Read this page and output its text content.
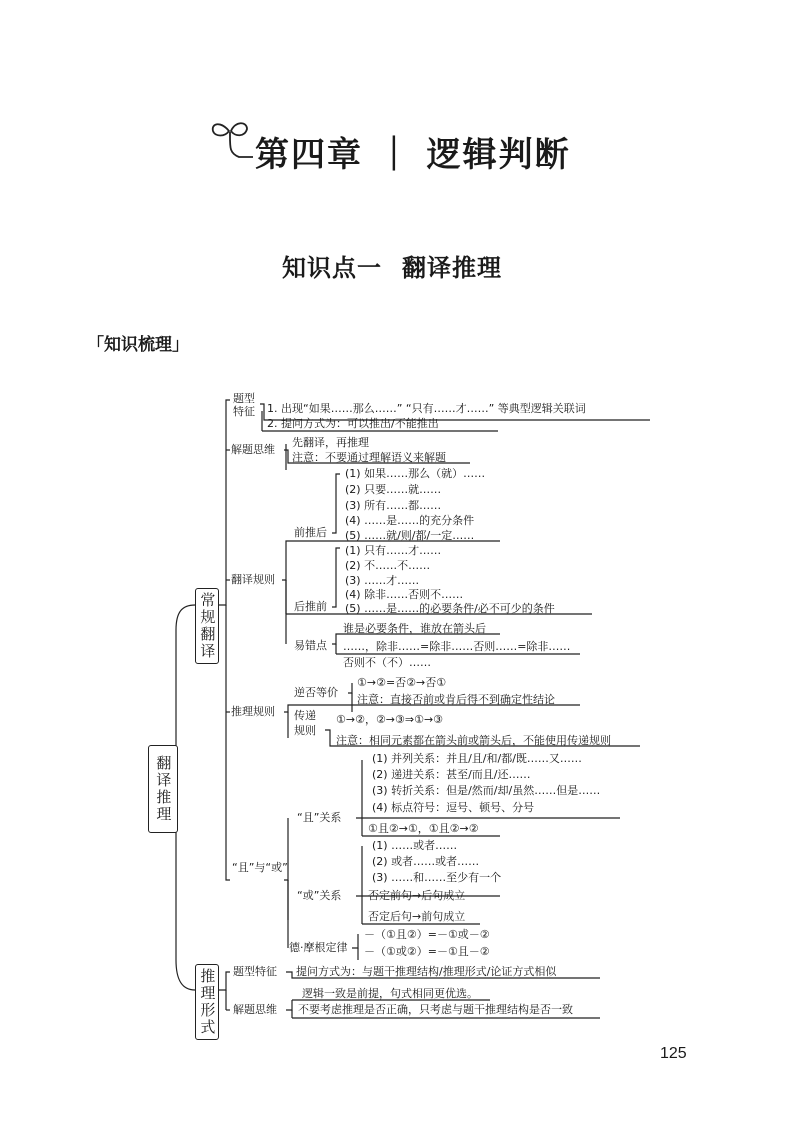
第四章 ｜ 逻辑判断
知识点一 翻译推理
「知识梳理」
翻译推理
常规翻译
推理形式
题型特征 1. 出现“如果……那么……” “只有……才……” 等典型逻辑关联词
2. 提问方式为：可以推出/不能推出
解题思维
先翻译，再推理
注意：不要通过理解语义来解题
翻译规则
前推后
(1) 如果……那么（就）……
(2) 只要……就……
(3) 所有……都……
(4) ……是……的充分条件
(5) ……就/则/都/一定……
后推前
(1) 只有……才……
(2) 不……不……
(3) ……才……
(4) 除非……否则不……
(5) ……是……的必要条件/必不可少的条件
易错点
谁是必要条件，谁放在箭头后
……，除非……=除非……否则……=除非……
否则不（不）……
推理规则
逆否等价
①→②=否②→否①
注意：直接否前或肯后得不到确定性结论
传递规则
①→②，②→③⇒①→③
注意：相同元素都在箭头前或箭头后，不能使用传递规则
“且”与“或”
“且”关系
(1) 并列关系：并且/且/和/都/既……又……
(2) 递进关系：甚至/而且/还……
(3) 转折关系：但是/然而/却/虽然……但是……
(4) 标点符号：逗号、顿号、分号
①且②→①，①且②→②
“或”关系
(1) ……或者……
(2) 或者……或者……
(3) ……和……至少有一个
否定前句→后句成立
否定后句→前句成立
德·摩根定律
－（①且②）=－①或－②
－（①或②）=－①且－②
题型特征 提问方式为：与题干推理结构/推理形式/论证方式相似
解题思维
逻辑一致是前提，句式相同更优选。
不要考虑推理是否正确，只考虑与题干推理结构是否一致
125
